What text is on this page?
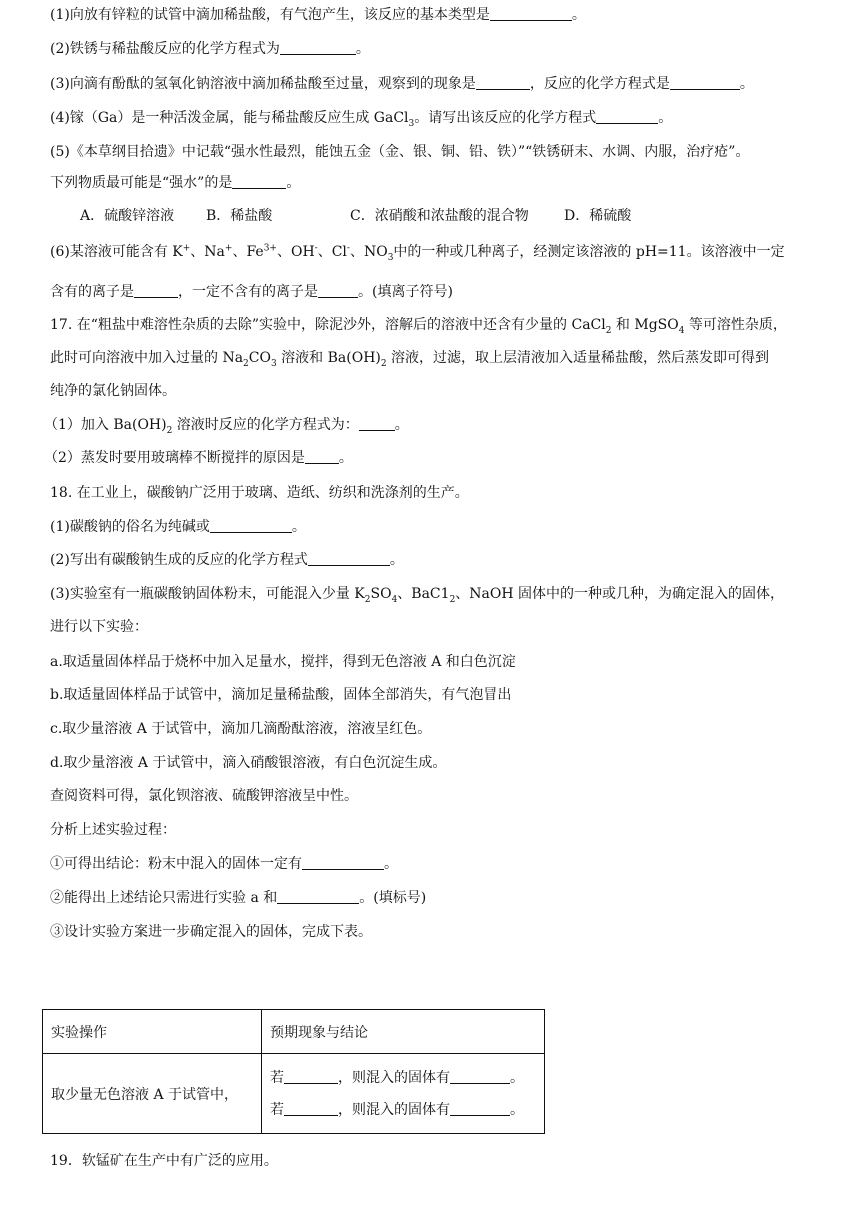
(1)向放有锌粒的试管中滴加稀盐酸，有气泡产生，该反应的基本类型是	。
(2)铁锈与稀盐酸反应的化学方程式为	。
(3)向滴有酚酞的氢氧化钠溶液中滴加稀盐酸至过量，观察到的现象是	，反应的化学方程式是	。
(4)镓（Ga）是一种活泼金属，能与稀盐酸反应生成 GaCl$_3$。请写出该反应的化学方程式	。
(5)《本草纲目拾遗》中记载“强水性最烈，能蚀五金（金、银、铜、铅、铁）”“铁锈研末、水调、内服，治疗疮”。
下列物质最可能是“强水”的是	。
A．硫酸锌溶液 B．稀盐酸	C．浓硝酸和浓盐酸的混合物	D．稀硫酸
(6)某溶液可能含有 K+、Na+、$Fe^{3+}$、OH-、Cl-、$NO_3$中的一种或几种离子，经测定该溶液的 pH=11。该溶液中一定
含有的离子是	，一定不含有的离子是	。(填离子符号)
17. 在“粗盐中难溶性杂质的去除”实验中，除泥沙外，溶解后的溶液中还含有少量的 CaCl$_2$ 和 MgSO$_4$ 等可溶性杂质，
此时可向溶液中加入过量的 $Na_2CO_3$ 溶液和 $Ba(OH)_2$ 溶液，过滤，取上层清液加入适量稀盐酸，然后蒸发即可得到
纯净的氯化钠固体。
（1）加入 $Ba(OH)_2$ 溶液时反应的化学方程式为：	。
（2）蒸发时要用玻璃棒不断搅拌的原因是 。
18. 在工业上，碳酸钠广泛用于玻璃、造纸、纺织和洗涤剂的生产。
(1)碳酸钠的俗名为纯碱或	。
(2)写出有碳酸钠生成的反应的化学方程式	。
(3)实验室有一瓶碳酸钠固体粉末，可能混入少量 $K_2SO_4$、$BaC1_2$、NaOH 固体中的一种或几种，为确定混入的固体，
进行以下实验：
a.取适量固体样品于烧杯中加入足量水，搅拌，得到无色溶液 A 和白色沉淀
b.取适量固体样品于试管中，滴加足量稀盐酸，固体全部消失，有气泡冒出
c.取少量溶液 A 于试管中，滴加几滴酚酞溶液，溶液呈红色。
d.取少量溶液 A 于试管中，滴入硝酸银溶液，有白色沉淀生成。
查阅资料可得，氯化钡溶液、硫酸钾溶液呈中性。
分析上述实验过程：
①可得出结论：粉末中混入的固体一定有	。
②能得出上述结论只需进行实验 a 和	。(填标号)
③设计实验方案进一步确定混入的固体，完成下表。
实验操作	预期现象与结论
取少量无色溶液 A 于试管中，	若 ，则混入的固体有 。
若 ，则混入的固体有 。
19．软锰矿在生产中有广泛的应用。
